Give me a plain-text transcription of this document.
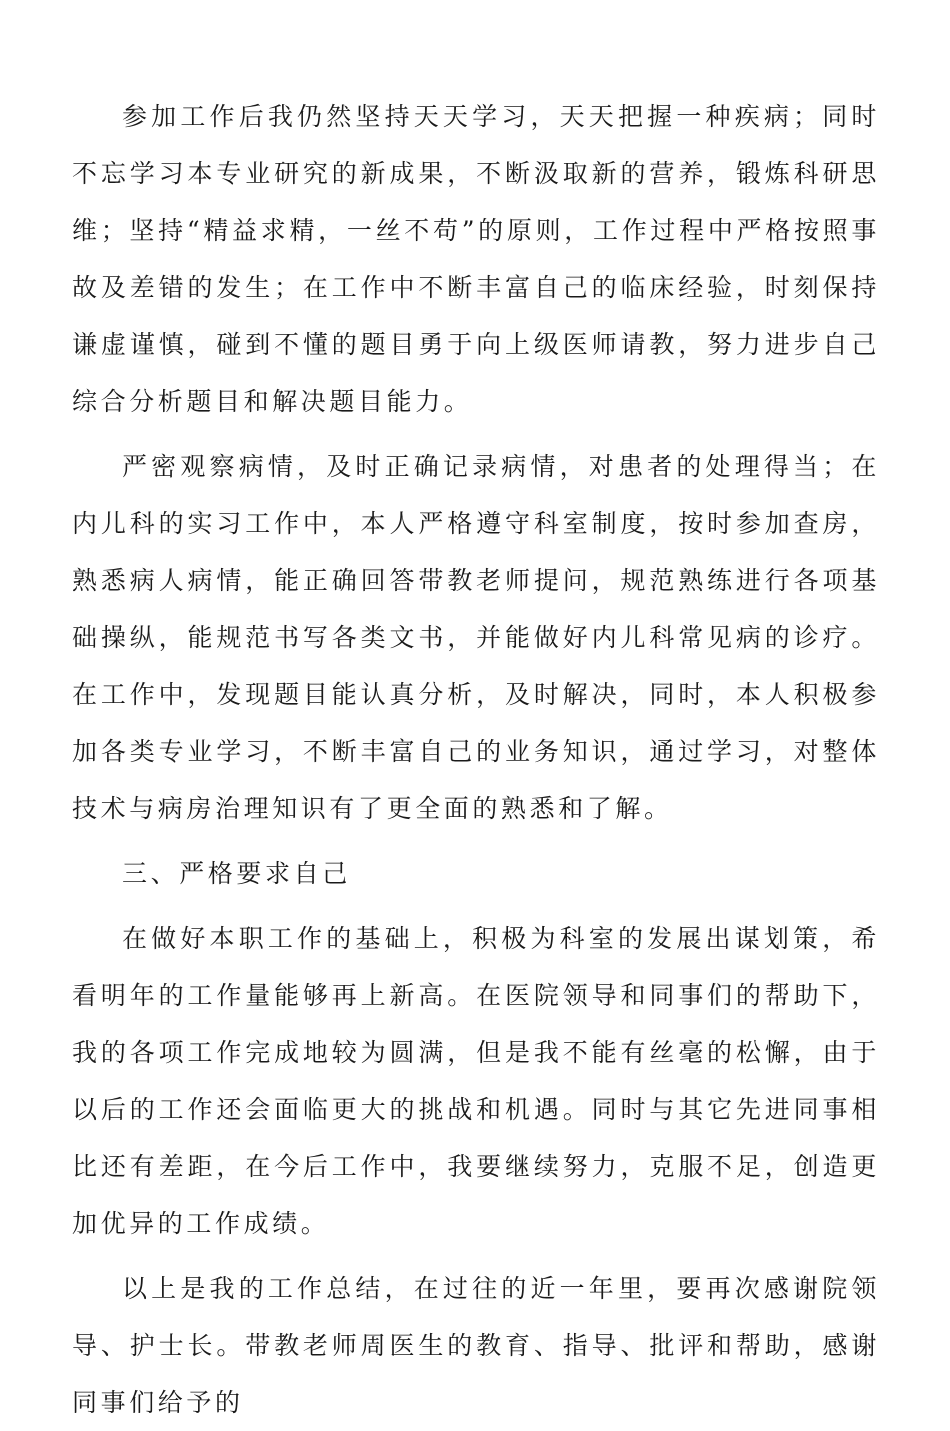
参加工作后我仍然坚持天天学习，天天把握一种疾病；同时不忘学习本专业研究的新成果，不断汲取新的营养，锻炼科研思维；坚持“精益求精，一丝不苟”的原则，工作过程中严格按照事故及差错的发生；在工作中不断丰富自己的临床经验，时刻保持谦虚谨慎，碰到不懂的题目勇于向上级医师请教，努力进步自己综合分析题目和解决题目能力。

严密观察病情，及时正确记录病情，对患者的处理得当；在内儿科的实习工作中，本人严格遵守科室制度，按时参加查房，熟悉病人病情，能正确回答带教老师提问，规范熟练进行各项基础操纵，能规范书写各类文书，并能做好内儿科常见病的诊疗。在工作中，发现题目能认真分析，及时解决，同时，本人积极参加各类专业学习，不断丰富自己的业务知识，通过学习，对整体技术与病房治理知识有了更全面的熟悉和了解。

三、严格要求自己

在做好本职工作的基础上，积极为科室的发展出谋划策，希看明年的工作量能够再上新高。在医院领导和同事们的帮助下，我的各项工作完成地较为圆满，但是我不能有丝毫的松懈，由于以后的工作还会面临更大的挑战和机遇。同时与其它先进同事相比还有差距，在今后工作中，我要继续努力，克服不足，创造更加优异的工作成绩。

以上是我的工作总结，在过往的近一年里，要再次感谢院领导、护士长。带教老师周医生的教育、指导、批评和帮助，感谢同事们给予的
